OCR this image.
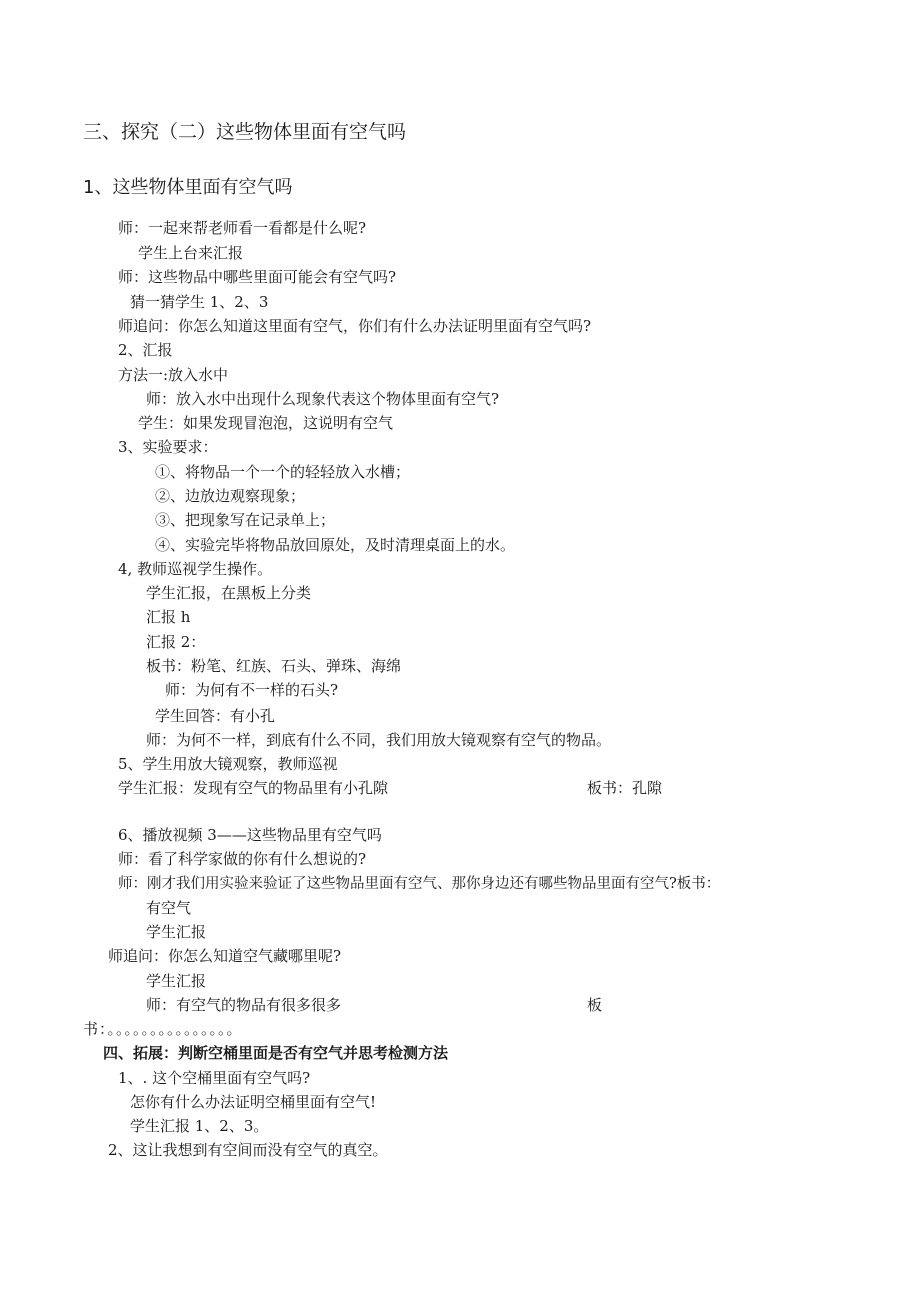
三、探究（二）这些物体里面有空气吗
1、这些物体里面有空气吗
师：一起来帮老师看一看都是什么呢?
学生上台来汇报
师：这些物品中哪些里面可能会有空气吗?
猜一猜学生 1、2、3
师追问：你怎么知道这里面有空气，你们有什么办法证明里面有空气吗?
2、汇报
方法一:放入水中
师：放入水中出现什么现象代表这个物体里面有空气?
学生：如果发现冒泡泡，这说明有空气
3、实验要求：
①、将物品一个一个的轻轻放入水槽；
②、边放边观察现象；
③、把现象写在记录单上；
④、实验完毕将物品放回原处，及时清理桌面上的水。
4, 教师巡视学生操作。
学生汇报，在黑板上分类
汇报 h
汇报 2：
板书：粉笔、红族、石头、弹珠、海绵
师：为何有不一样的石头?
学生回答：有小孔
师：为何不一样，到底有什么不同，我们用放大镜观察有空气的物品。
5、学生用放大镜观察，教师巡视
学生汇报：发现有空气的物品里有小孔隙	板书：孔隙
6、播放视频 3——这些物品里有空气吗
师：看了科学家做的你有什么想说的?
师：刚才我们用实验来验证了这些物品里面有空气、那你身边还有哪些物品里面有空气?板书：
有空气
学生汇报
师追问：你怎么知道空气藏哪里呢?
学生汇报
师：有空气的物品有很多很多	板
书：。。。。。。。。。。。。。。。
四、拓展：判断空桶里面是否有空气并思考检测方法
1、. 这个空桶里面有空气吗?
怎你有什么办法证明空桶里面有空气!
学生汇报 1、2、3。
2、这让我想到有空间而没有空气的真空。
